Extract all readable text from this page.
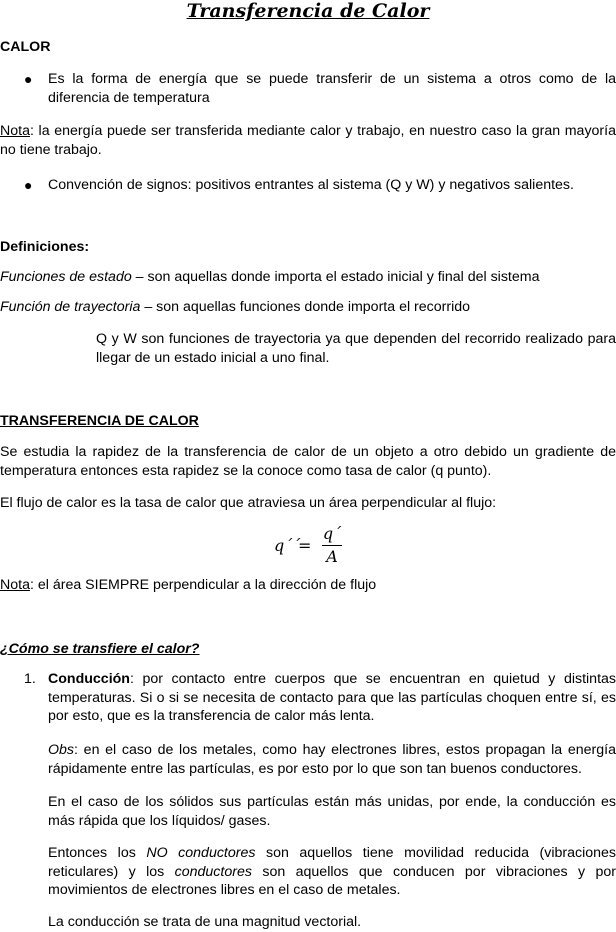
Transferencia de Calor
CALOR
● Es la forma de energía que se puede transferir de un sistema a otros como de la diferencia de temperatura

Nota: la energía puede ser transferida mediante calor y trabajo, en nuestro caso la gran mayoría no tiene trabajo.

● Convención de signos: positivos entrantes al sistema (Q y W) y negativos salientes.

Definiciones:

Funciones de estado – son aquellas donde importa el estado inicial y final del sistema

Función de trayectoria – son aquellas funciones donde importa el recorrido

Q y W son funciones de trayectoria ya que dependen del recorrido realizado para llegar de un estado inicial a uno final.

TRANSFERENCIA DE CALOR

Se estudia la rapidez de la transferencia de calor de un objeto a otro debido un gradiente de temperatura entonces esta rapidez se la conoce como tasa de calor (q punto).

El flujo de calor es la tasa de calor que atraviesa un área perpendicular al flujo:

q´´
=
q´
A

Nota: el área SIEMPRE perpendicular a la dirección de flujo

¿Cómo se transfiere el calor?
1. Conducción: por contacto entre cuerpos que se encuentran en quietud y distintas temperaturas. Si o si se necesita de contacto para que las partículas choquen entre sí, es por esto, que es la transferencia de calor más lenta.

Obs: en el caso de los metales, como hay electrones libres, estos propagan la energía rápidamente entre las partículas, es por esto por lo que son tan buenos conductores.

En el caso de los sólidos sus partículas están más unidas, por ende, la conducción es más rápida que los líquidos/ gases.

Entonces los NO conductores son aquellos tiene movilidad reducida (vibraciones reticulares) y los conductores son aquellos que conducen por vibraciones y por movimientos de electrones libres en el caso de metales.

La conducción se trata de una magnitud vectorial.
